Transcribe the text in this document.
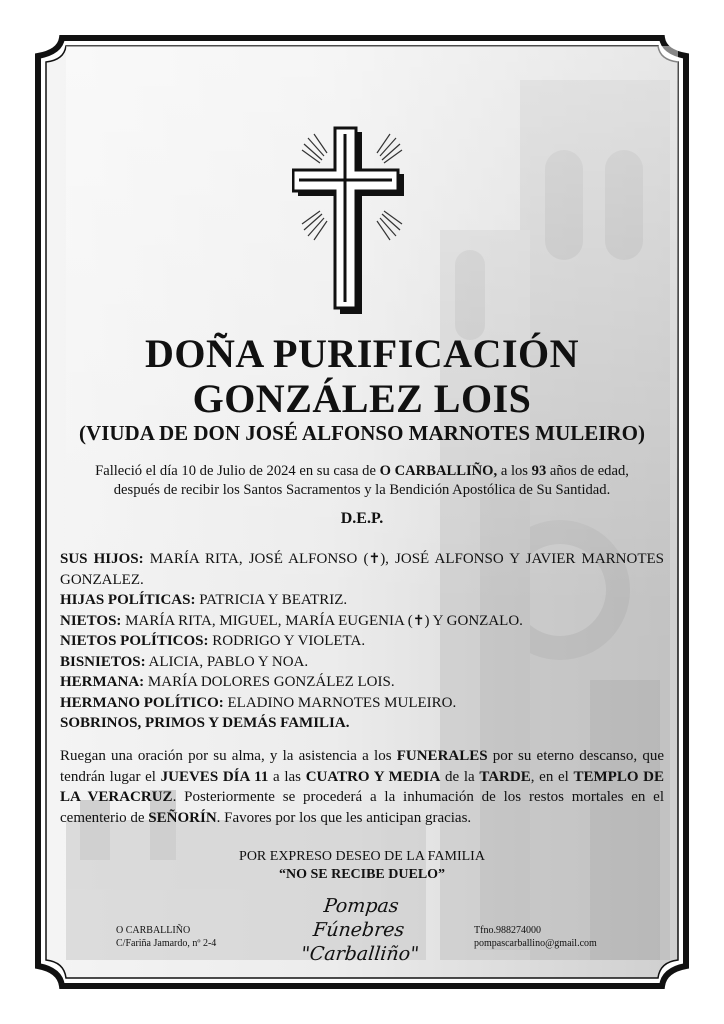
DOÑA PURIFICACIÓN
GONZÁLEZ LOIS
(VIUDA DE DON JOSÉ ALFONSO MARNOTES MULEIRO)
Falleció el día 10 de Julio de 2024 en su casa de O CARBALLIÑO, a los 93 años de edad,
después de recibir los Santos Sacramentos y la Bendición Apostólica de Su Santidad.
D.E.P.
SUS HIJOS: MARÍA RITA, JOSÉ ALFONSO (✝), JOSÉ ALFONSO Y JAVIER MARNOTES GONZALEZ.
HIJAS POLÍTICAS: PATRICIA Y BEATRIZ.
NIETOS: MARÍA RITA, MIGUEL, MARÍA EUGENIA (✝) Y GONZALO.
NIETOS POLÍTICOS: RODRIGO Y VIOLETA.
BISNIETOS: ALICIA, PABLO Y NOA.
HERMANA: MARÍA DOLORES GONZÁLEZ LOIS.
HERMANO POLÍTICO: ELADINO MARNOTES MULEIRO.
SOBRINOS, PRIMOS Y DEMÁS FAMILIA.
Ruegan una oración por su alma, y la asistencia a los FUNERALES por su eterno descanso, que tendrán lugar el JUEVES DÍA 11 a las CUATRO Y MEDIA de la TARDE, en el TEMPLO DE LA VERACRUZ. Posteriormente se procederá a la inhumación de los restos mortales en el cementerio de SEÑORÍN. Favores por los que les anticipan gracias.
POR EXPRESO DESEO DE LA FAMILIA
“NO SE RECIBE DUELO”
O CARBALLIÑO
C/Fariña Jamardo, nº 2-4
Pompas Fúnebres
"Carballiño"
Tfno.988274000
pompascarballino@gmail.com
